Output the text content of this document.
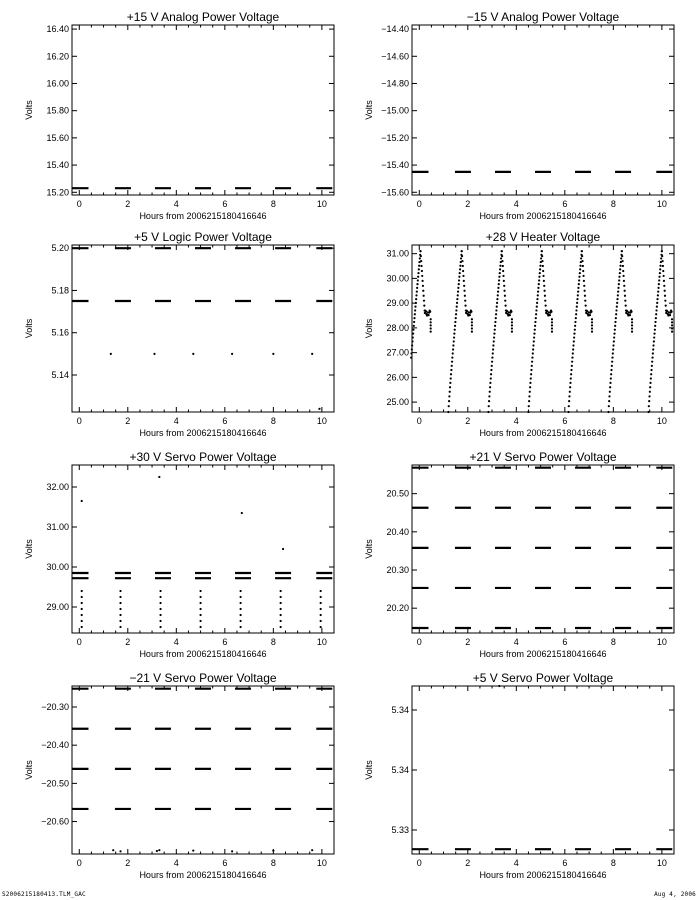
+15 V Analog Power Voltage
0	2	4	6	8	10
15.20
15.40
15.60
15.80
16.00
16.20
16.40
Hours from 2006215180416646
Volts
−15 V Analog Power Voltage
0	2	4	6	8	10
−15.60
−15.40
−15.20
−15.00
−14.80
−14.60
−14.40
Hours from 2006215180416646
Volts
+5 V Logic Power Voltage
0	2	4	6	8	10
5.14
5.16
5.18
5.20
Hours from 2006215180416646
Volts
+28 V Heater Voltage
0	2	4	6	8	10
25.00
26.00
27.00
28.00
29.00
30.00
31.00
Hours from 2006215180416646
Volts
+30 V Servo Power Voltage
0	2	4	6	8	10
29.00
30.00
31.00
32.00
Hours from 2006215180416646
Volts
+21 V Servo Power Voltage
0	2	4	6	8	10
20.20
20.30
20.40
20.50
Hours from 2006215180416646
Volts
−21 V Servo Power Voltage
0	2	4	6	8	10
−20.60
−20.50
−20.40
−20.30
Hours from 2006215180416646
Volts
+5 V Servo Power Voltage
0	2	4	6	8	10
5.33
5.34
5.34
Hours from 2006215180416646
Volts
S2006215180413.TLM_GAC	Aug 4, 2006
